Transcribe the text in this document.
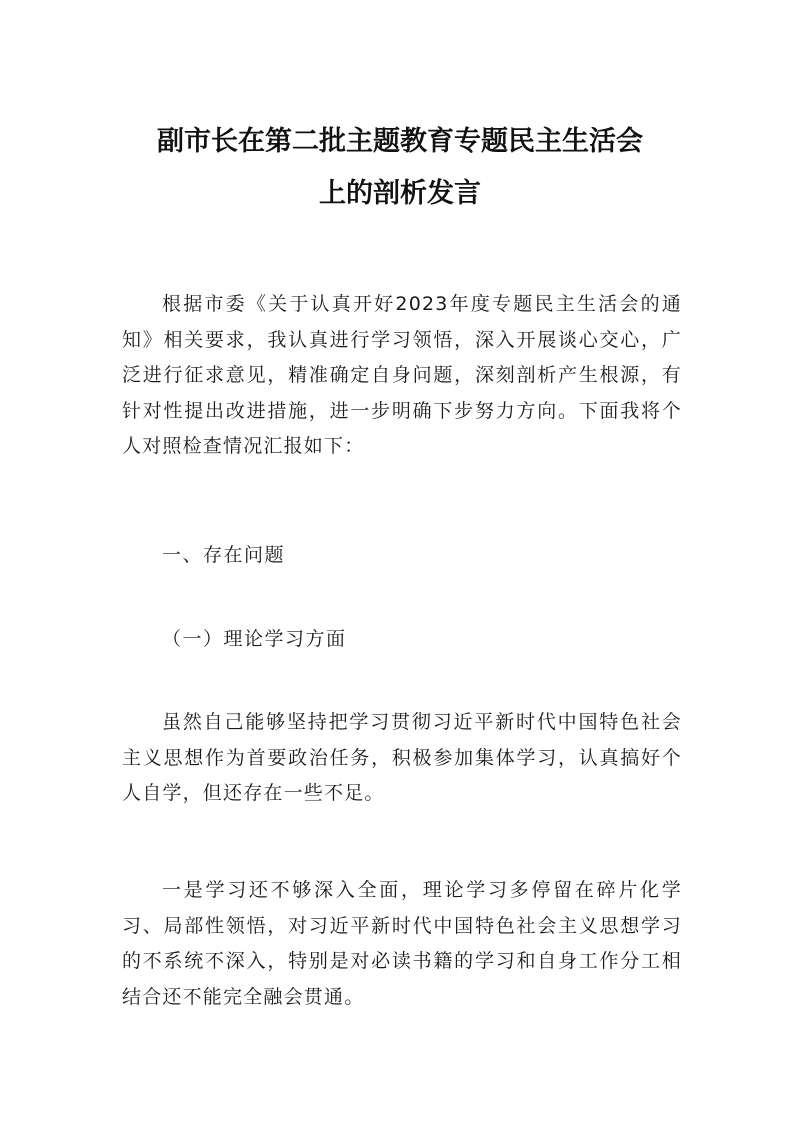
副市长在第二批主题教育专题民主生活会
上的剖析发言

根据市委《关于认真开好2023年度专题民主生活会的通知》相关要求，我认真进行学习领悟，深入开展谈心交心，广泛进行征求意见，精准确定自身问题，深刻剖析产生根源，有针对性提出改进措施，进一步明确下步努力方向。下面我将个人对照检查情况汇报如下：

一、存在问题

（一）理论学习方面

虽然自己能够坚持把学习贯彻习近平新时代中国特色社会主义思想作为首要政治任务，积极参加集体学习，认真搞好个人自学，但还存在一些不足。

一是学习还不够深入全面，理论学习多停留在碎片化学习、局部性领悟，对习近平新时代中国特色社会主义思想学习的不系统不深入，特别是对必读书籍的学习和自身工作分工相结合还不能完全融会贯通。
